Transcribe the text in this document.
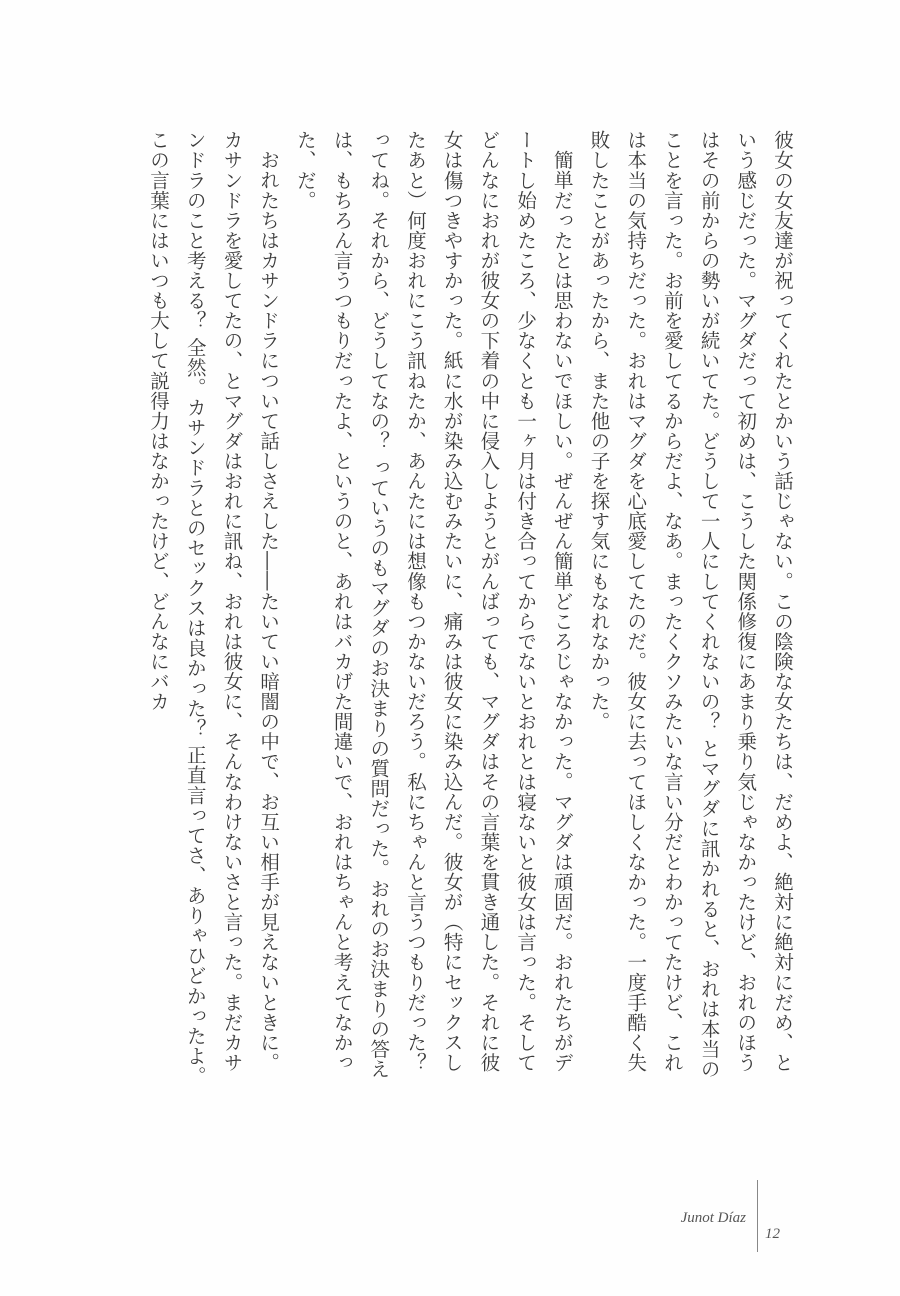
彼女の女友達が祝ってくれたとかいう話じゃない。この陰険な女たちは、だめよ、絶対に絶対にだめ、という感じだった。マグダだって初めは、こうした関係修復にあまり乗り気じゃなかったけど、おれのほうはその前からの勢いが続いてた。どうして一人にしてくれないの？ とマグダに訊かれると、おれは本当のことを言った。お前を愛してるからだよ、なあ。まったくクソみたいな言い分だとわかってたけど、これは本当の気持ちだった。おれはマグダを心底愛してたのだ。彼女に去ってほしくなかった。一度手酷く失敗したことがあったから、また他の子を探す気にもなれなかった。

簡単だったとは思わないでほしい。ぜんぜん簡単どころじゃなかった。マグダは頑固だ。おれたちがデートし始めたころ、少なくとも一ヶ月は付き合ってからでないとおれとは寝ないと彼女は言った。そしてどんなにおれが彼女の下着の中に侵入しようとがんばっても、マグダはその言葉を貫き通した。それに彼女は傷つきやすかった。紙に水が染み込むみたいに、痛みは彼女に染み込んだ。彼女が（特にセックスしたあと）何度おれにこう訊ねたか、あんたには想像もつかないだろう。私にちゃんと言うつもりだった？ ってね。それから、どうしてなの？ っていうのもマグダのお決まりの質問だった。おれのお決まりの答えは、もちろん言うつもりだったよ、というのと、あれはバカげた間違いで、おれはちゃんと考えてなかった、だ。

おれたちはカサンドラについて話しさえした――たいてい暗闇の中で、お互い相手が見えないときに。カサンドラを愛してたの、とマグダはおれに訊ね、おれは彼女に、そんなわけないさと言った。まだカサンドラのこと考える？ 全然。カサンドラとのセックスは良かった？ 正直言ってさ、ありゃひどかったよ。この言葉にはいつも大して説得力はなかったけど、どんなにバカ

Junot Díaz
12
